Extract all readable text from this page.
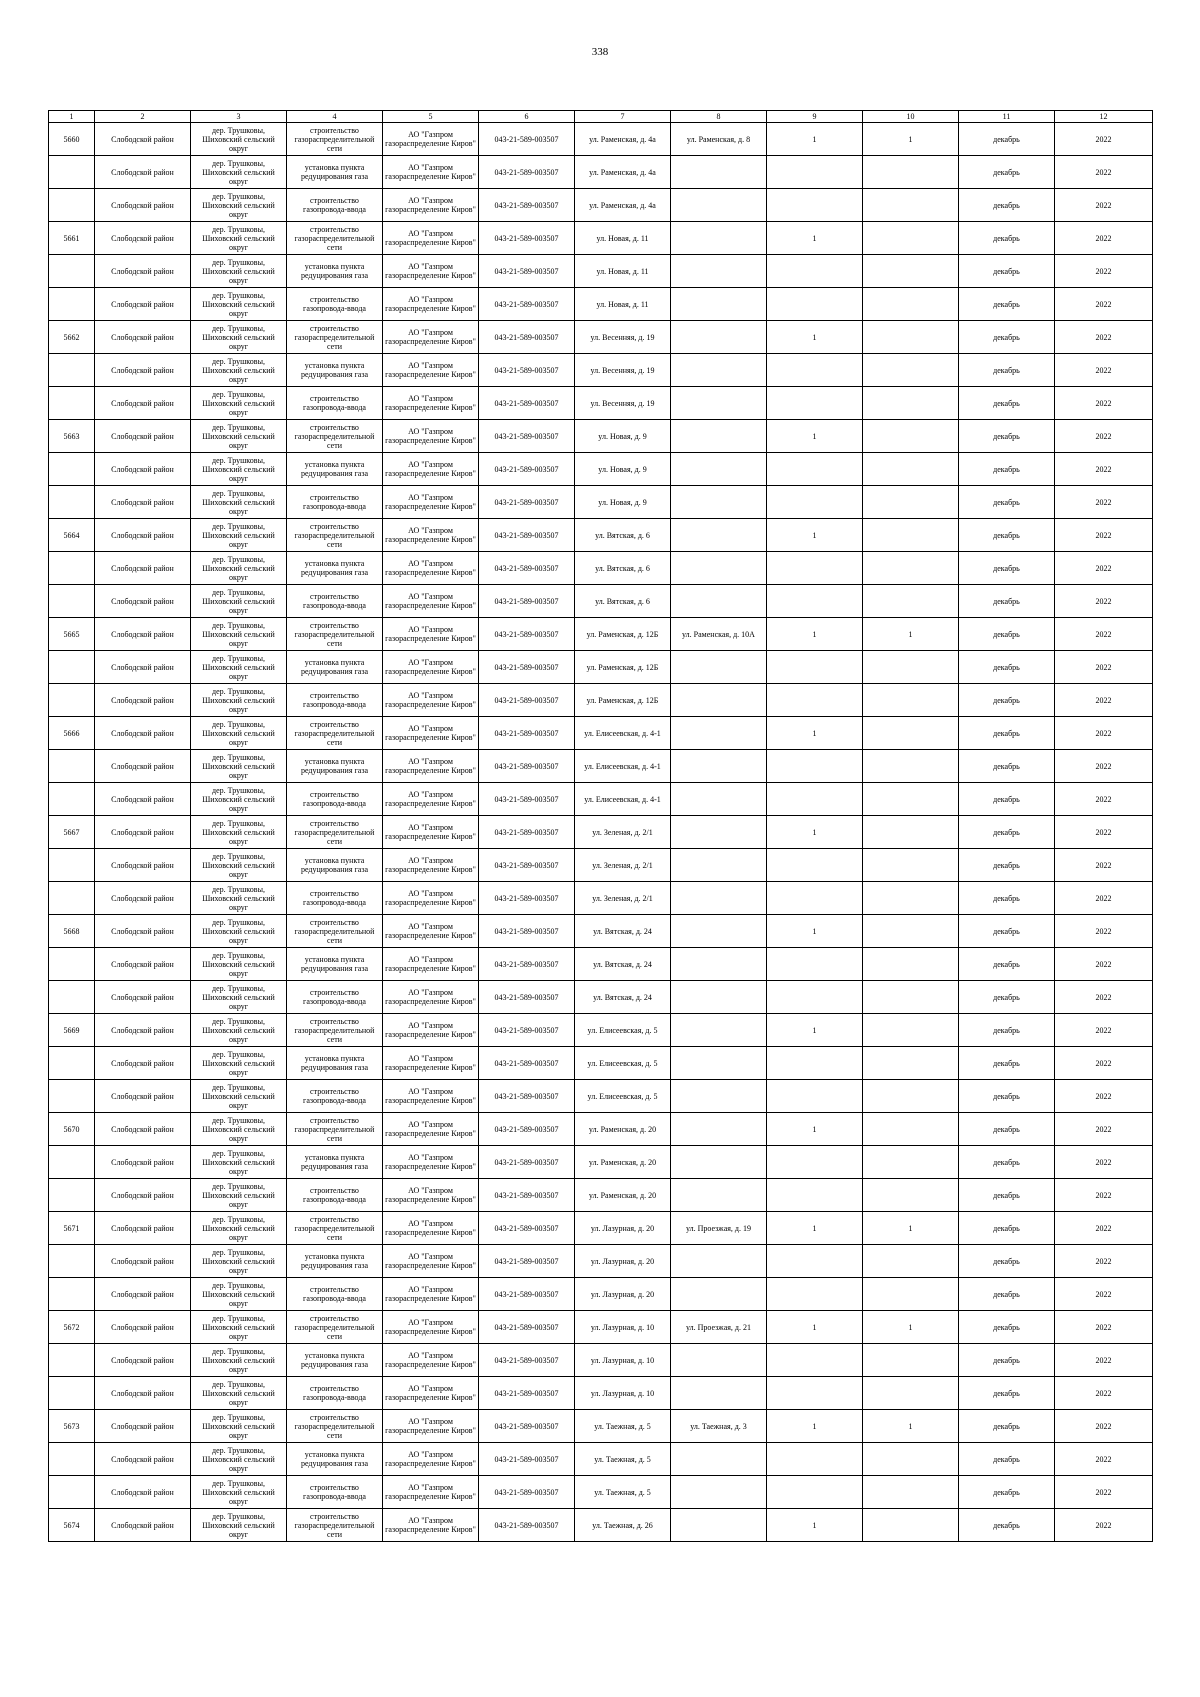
338
1	2	3	4	5	6	7	8	9	10	11	12

5660	Слободской район	дер. Трушковы, Шиховский сельский округ	строительство газораспределительной сети	АО "Газпром газораспределение Киров"	043-21-589-003507	ул. Раменская, д. 4а	ул. Раменская, д. 8	1	1	декабрь	2022

	Слободской район	дер. Трушковы, Шиховский сельский округ	установка пункта редуцирования газа	АО "Газпром газораспределение Киров"	043-21-589-003507	ул. Раменская, д. 4а				декабрь	2022

	Слободской район	дер. Трушковы, Шиховский сельский округ	строительство газопровода-ввода	АО "Газпром газораспределение Киров"	043-21-589-003507	ул. Раменская, д. 4а				декабрь	2022

5661	Слободской район	дер. Трушковы, Шиховский сельский округ	строительство газораспределительной сети	АО "Газпром газораспределение Киров"	043-21-589-003507	ул. Новая, д. 11		1		декабрь	2022

	Слободской район	дер. Трушковы, Шиховский сельский округ	установка пункта редуцирования газа	АО "Газпром газораспределение Киров"	043-21-589-003507	ул. Новая, д. 11				декабрь	2022

	Слободской район	дер. Трушковы, Шиховский сельский округ	строительство газопровода-ввода	АО "Газпром газораспределение Киров"	043-21-589-003507	ул. Новая, д. 11				декабрь	2022

5662	Слободской район	дер. Трушковы, Шиховский сельский округ	строительство газораспределительной сети	АО "Газпром газораспределение Киров"	043-21-589-003507	ул. Весенняя, д. 19		1		декабрь	2022

	Слободской район	дер. Трушковы, Шиховский сельский округ	установка пункта редуцирования газа	АО "Газпром газораспределение Киров"	043-21-589-003507	ул. Весенняя, д. 19				декабрь	2022

	Слободской район	дер. Трушковы, Шиховский сельский округ	строительство газопровода-ввода	АО "Газпром газораспределение Киров"	043-21-589-003507	ул. Весенняя, д. 19				декабрь	2022

5663	Слободской район	дер. Трушковы, Шиховский сельский округ	строительство газораспределительной сети	АО "Газпром газораспределение Киров"	043-21-589-003507	ул. Новая, д. 9		1		декабрь	2022

	Слободской район	дер. Трушковы, Шиховский сельский округ	установка пункта редуцирования газа	АО "Газпром газораспределение Киров"	043-21-589-003507	ул. Новая, д. 9				декабрь	2022

	Слободской район	дер. Трушковы, Шиховский сельский округ	строительство газопровода-ввода	АО "Газпром газораспределение Киров"	043-21-589-003507	ул. Новая, д. 9				декабрь	2022

5664	Слободской район	дер. Трушковы, Шиховский сельский округ	строительство газораспределительной сети	АО "Газпром газораспределение Киров"	043-21-589-003507	ул. Вятская, д. 6		1		декабрь	2022

	Слободской район	дер. Трушковы, Шиховский сельский округ	установка пункта редуцирования газа	АО "Газпром газораспределение Киров"	043-21-589-003507	ул. Вятская, д. 6				декабрь	2022

	Слободской район	дер. Трушковы, Шиховский сельский округ	строительство газопровода-ввода	АО "Газпром газораспределение Киров"	043-21-589-003507	ул. Вятская, д. 6				декабрь	2022

5665	Слободской район	дер. Трушковы, Шиховский сельский округ	строительство газораспределительной сети	АО "Газпром газораспределение Киров"	043-21-589-003507	ул. Раменская, д. 12Б	ул. Раменская, д. 10А	1	1	декабрь	2022

	Слободской район	дер. Трушковы, Шиховский сельский округ	установка пункта редуцирования газа	АО "Газпром газораспределение Киров"	043-21-589-003507	ул. Раменская, д. 12Б				декабрь	2022

	Слободской район	дер. Трушковы, Шиховский сельский округ	строительство газопровода-ввода	АО "Газпром газораспределение Киров"	043-21-589-003507	ул. Раменская, д. 12Б				декабрь	2022

5666	Слободской район	дер. Трушковы, Шиховский сельский округ	строительство газораспределительной сети	АО "Газпром газораспределение Киров"	043-21-589-003507	ул. Елисеевская, д. 4-1		1		декабрь	2022

	Слободской район	дер. Трушковы, Шиховский сельский округ	установка пункта редуцирования газа	АО "Газпром газораспределение Киров"	043-21-589-003507	ул. Елисеевская, д. 4-1				декабрь	2022

	Слободской район	дер. Трушковы, Шиховский сельский округ	строительство газопровода-ввода	АО "Газпром газораспределение Киров"	043-21-589-003507	ул. Елисеевская, д. 4-1				декабрь	2022

5667	Слободской район	дер. Трушковы, Шиховский сельский округ	строительство газораспределительной сети	АО "Газпром газораспределение Киров"	043-21-589-003507	ул. Зеленая, д. 2/1		1		декабрь	2022

	Слободской район	дер. Трушковы, Шиховский сельский округ	установка пункта редуцирования газа	АО "Газпром газораспределение Киров"	043-21-589-003507	ул. Зеленая, д. 2/1				декабрь	2022

	Слободской район	дер. Трушковы, Шиховский сельский округ	строительство газопровода-ввода	АО "Газпром газораспределение Киров"	043-21-589-003507	ул. Зеленая, д. 2/1				декабрь	2022

5668	Слободской район	дер. Трушковы, Шиховский сельский округ	строительство газораспределительной сети	АО "Газпром газораспределение Киров"	043-21-589-003507	ул. Вятская, д. 24		1		декабрь	2022

	Слободской район	дер. Трушковы, Шиховский сельский округ	установка пункта редуцирования газа	АО "Газпром газораспределение Киров"	043-21-589-003507	ул. Вятская, д. 24				декабрь	2022

	Слободской район	дер. Трушковы, Шиховский сельский округ	строительство газопровода-ввода	АО "Газпром газораспределение Киров"	043-21-589-003507	ул. Вятская, д. 24				декабрь	2022

5669	Слободской район	дер. Трушковы, Шиховский сельский округ	строительство газораспределительной сети	АО "Газпром газораспределение Киров"	043-21-589-003507	ул. Елисеевская, д. 5		1		декабрь	2022

	Слободской район	дер. Трушковы, Шиховский сельский округ	установка пункта редуцирования газа	АО "Газпром газораспределение Киров"	043-21-589-003507	ул. Елисеевская, д. 5				декабрь	2022

	Слободской район	дер. Трушковы, Шиховский сельский округ	строительство газопровода-ввода	АО "Газпром газораспределение Киров"	043-21-589-003507	ул. Елисеевская, д. 5				декабрь	2022

5670	Слободской район	дер. Трушковы, Шиховский сельский округ	строительство газораспределительной сети	АО "Газпром газораспределение Киров"	043-21-589-003507	ул. Раменская, д. 20		1		декабрь	2022

	Слободской район	дер. Трушковы, Шиховский сельский округ	установка пункта редуцирования газа	АО "Газпром газораспределение Киров"	043-21-589-003507	ул. Раменская, д. 20				декабрь	2022

	Слободской район	дер. Трушковы, Шиховский сельский округ	строительство газопровода-ввода	АО "Газпром газораспределение Киров"	043-21-589-003507	ул. Раменская, д. 20				декабрь	2022

5671	Слободской район	дер. Трушковы, Шиховский сельский округ	строительство газораспределительной сети	АО "Газпром газораспределение Киров"	043-21-589-003507	ул. Лазурная, д. 20	ул. Проезжая, д. 19	1	1	декабрь	2022

	Слободской район	дер. Трушковы, Шиховский сельский округ	установка пункта редуцирования газа	АО "Газпром газораспределение Киров"	043-21-589-003507	ул. Лазурная, д. 20				декабрь	2022

	Слободской район	дер. Трушковы, Шиховский сельский округ	строительство газопровода-ввода	АО "Газпром газораспределение Киров"	043-21-589-003507	ул. Лазурная, д. 20				декабрь	2022

5672	Слободской район	дер. Трушковы, Шиховский сельский округ	строительство газораспределительной сети	АО "Газпром газораспределение Киров"	043-21-589-003507	ул. Лазурная, д. 10	ул. Проезжая, д. 21	1	1	декабрь	2022

	Слободской район	дер. Трушковы, Шиховский сельский округ	установка пункта редуцирования газа	АО "Газпром газораспределение Киров"	043-21-589-003507	ул. Лазурная, д. 10				декабрь	2022

	Слободской район	дер. Трушковы, Шиховский сельский округ	строительство газопровода-ввода	АО "Газпром газораспределение Киров"	043-21-589-003507	ул. Лазурная, д. 10				декабрь	2022

5673	Слободской район	дер. Трушковы, Шиховский сельский округ	строительство газораспределительной сети	АО "Газпром газораспределение Киров"	043-21-589-003507	ул. Таежная, д. 5	ул. Таежная, д. 3	1	1	декабрь	2022

	Слободской район	дер. Трушковы, Шиховский сельский округ	установка пункта редуцирования газа	АО "Газпром газораспределение Киров"	043-21-589-003507	ул. Таежная, д. 5				декабрь	2022

	Слободской район	дер. Трушковы, Шиховский сельский округ	строительство газопровода-ввода	АО "Газпром газораспределение Киров"	043-21-589-003507	ул. Таежная, д. 5				декабрь	2022

5674	Слободской район	дер. Трушковы, Шиховский сельский округ	строительство газораспределительной сети	АО "Газпром газораспределение Киров"	043-21-589-003507	ул. Таежная, д. 26		1		декабрь	2022
